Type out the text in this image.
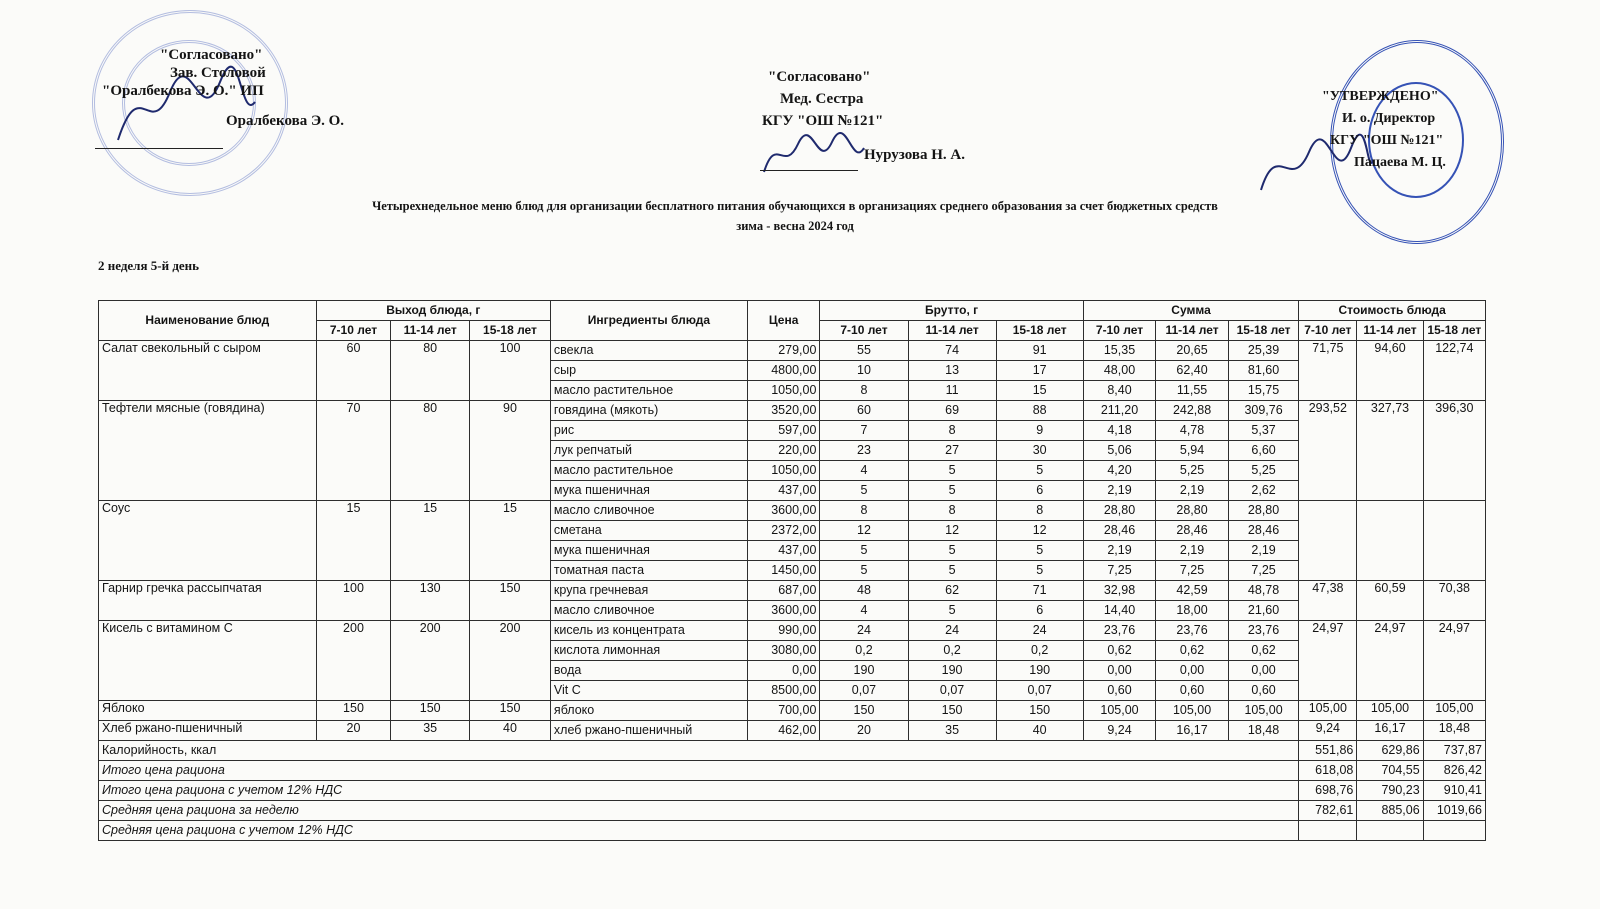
"Согласовано"
Зав. Столовой
"Оралбекова Э. О." ИП
Оралбекова Э. О.
"Согласовано"
Мед. Сестра
КГУ "ОШ №121"
Нурузова Н. А.
"УТВЕРЖДЕНО"
И. о. Директор
КГУ "ОШ №121"
Пацаева М. Ц.
Четырехнедельное меню блюд для организации бесплатного питания обучающихся в организациях среднего образования за счет бюджетных средств
зима - весна 2024 год
2 неделя 5-й день
Наименование блюд	Выход блюда, г			Ингредиенты блюда	Цена	Брутто, г			Сумма			Стоимость блюда		
	7-10 лет	11-14 лет	15-18 лет			7-10 лет	11-14 лет	15-18 лет	7-10 лет	11-14 лет	15-18 лет	7-10 лет	11-14 лет	15-18 лет
Салат свекольный с сыром	60	80	100	свекла	279,00	55	74	91	15,35	20,65	25,39	71,75	94,60	122,74
				сыр	4800,00	10	13	17	48,00	62,40	81,60			
				масло растительное	1050,00	8	11	15	8,40	11,55	15,75			
Тефтели мясные (говядина)	70	80	90	говядина (мякоть)	3520,00	60	69	88	211,20	242,88	309,76	293,52	327,73	396,30
				рис	597,00	7	8	9	4,18	4,78	5,37			
				лук репчатый	220,00	23	27	30	5,06	5,94	6,60			
				масло растительное	1050,00	4	5	5	4,20	5,25	5,25			
				мука пшеничная	437,00	5	5	6	2,19	2,19	2,62			
Соус	15	15	15	масло сливочное	3600,00	8	8	8	28,80	28,80	28,80			
				сметана	2372,00	12	12	12	28,46	28,46	28,46			
				мука пшеничная	437,00	5	5	5	2,19	2,19	2,19			
				томатная паста	1450,00	5	5	5	7,25	7,25	7,25			
Гарнир гречка рассыпчатая	100	130	150	крупа гречневая	687,00	48	62	71	32,98	42,59	48,78	47,38	60,59	70,38
				масло сливочное	3600,00	4	5	6	14,40	18,00	21,60			
Кисель с витамином С	200	200	200	кисель из концентрата	990,00	24	24	24	23,76	23,76	23,76	24,97	24,97	24,97
				кислота лимонная	3080,00	0,2	0,2	0,2	0,62	0,62	0,62			
				вода	0,00	190	190	190	0,00	0,00	0,00			
				Vit C	8500,00	0,07	0,07	0,07	0,60	0,60	0,60			
Яблоко	150	150	150	яблоко	700,00	150	150	150	105,00	105,00	105,00	105,00	105,00	105,00
Хлеб ржано-пшеничный	20	35	40	хлеб ржано-пшеничный	462,00	20	35	40	9,24	16,17	18,48	9,24	16,17	18,48
Калорийность, ккал												551,86	629,86	737,87
Итого цена рациона												618,08	704,55	826,42
Итого цена рациона с учетом 12% НДС												698,76	790,23	910,41
Средняя цена рациона за неделю												782,61	885,06	1019,66
Средняя цена рациона с учетом 12% НДС														
